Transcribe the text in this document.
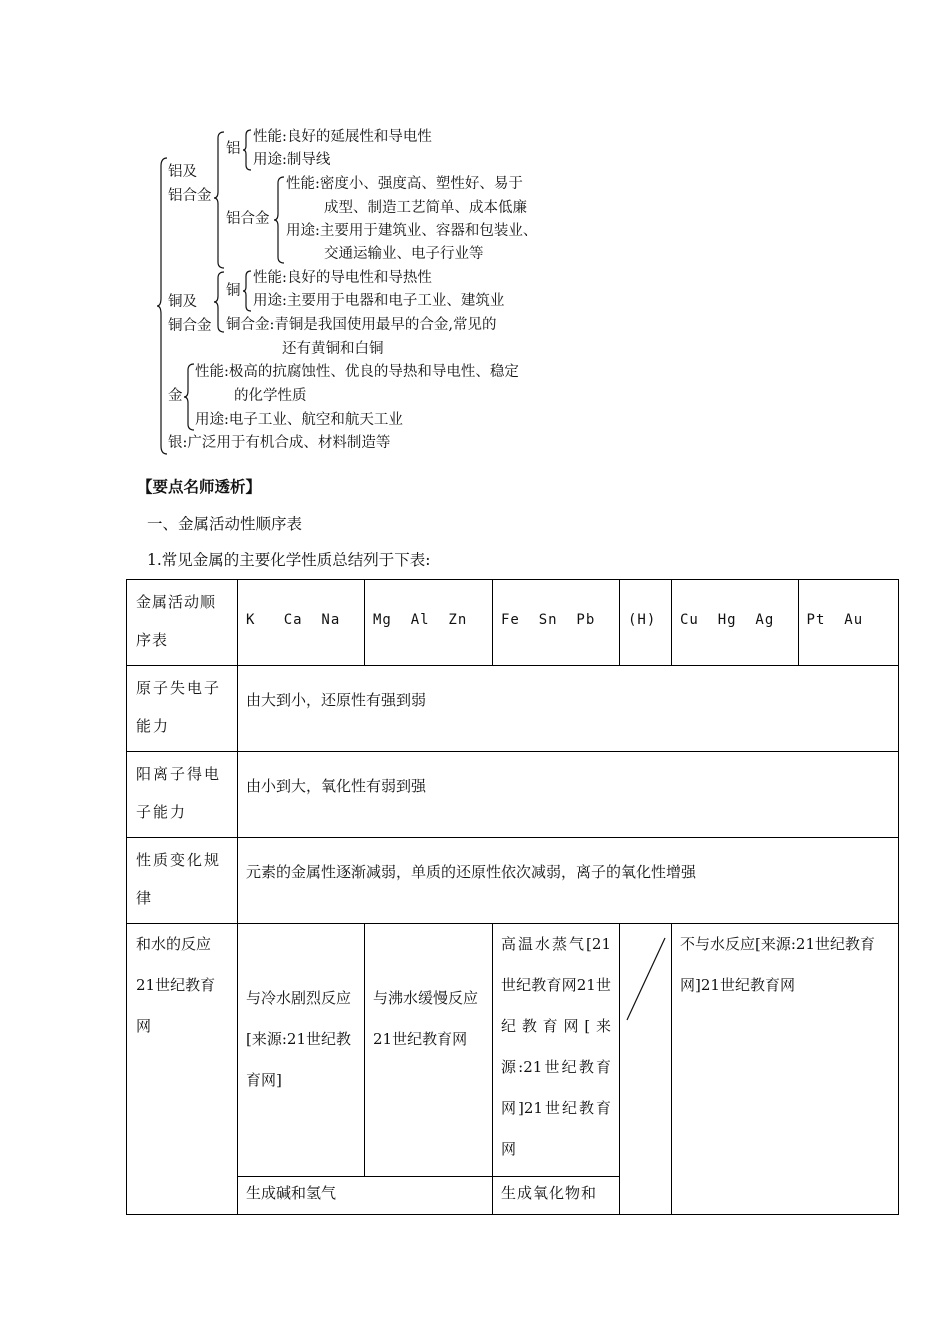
铝及
铝合金
铝
性能:良好的延展性和导电性
用途:制导线
铝合金
性能:密度小、强度高、塑性好、易于
成型、制造工艺简单、成本低廉
用途:主要用于建筑业、容器和包装业、
交通运输业、电子行业等
铜及
铜合金
铜
性能:良好的导电性和导热性
用途:主要用于电器和电子工业、建筑业
铜合金:青铜是我国使用最早的合金,常见的
还有黄铜和白铜
金
性能:极高的抗腐蚀性、优良的导热和导电性、稳定
的化学性质
用途:电子工业、航空和航天工业
银:广泛用于有机合成、材料制造等
【要点名师透析】
一、金属活动性顺序表
1.常见金属的主要化学性质总结列于下表:
金属活动顺序表	K   Ca  Na	Mg  Al  Zn	Fe  Sn  Pb	(H)	Cu  Hg  Ag	Pt  Au

原子失电子能力	由大到小，还原性有强到弱					

阳离子得电子能力	由小到大，氧化性有弱到强					

性质变化规律	元素的金属性逐渐减弱，单质的还原性依次减弱，离子的氧化性增强					

和水的反应21世纪教育网	与冷水剧烈反应[来源:21世纪教育网]	与沸水缓慢反应21世纪教育网	高温水蒸气[21世纪教育网21世纪教育网[来源:21世纪教育网]21世纪教育网		不与水反应[来源:21世纪教育网]21世纪教育网	

	生成碱和氢气		生成氧化物和			
